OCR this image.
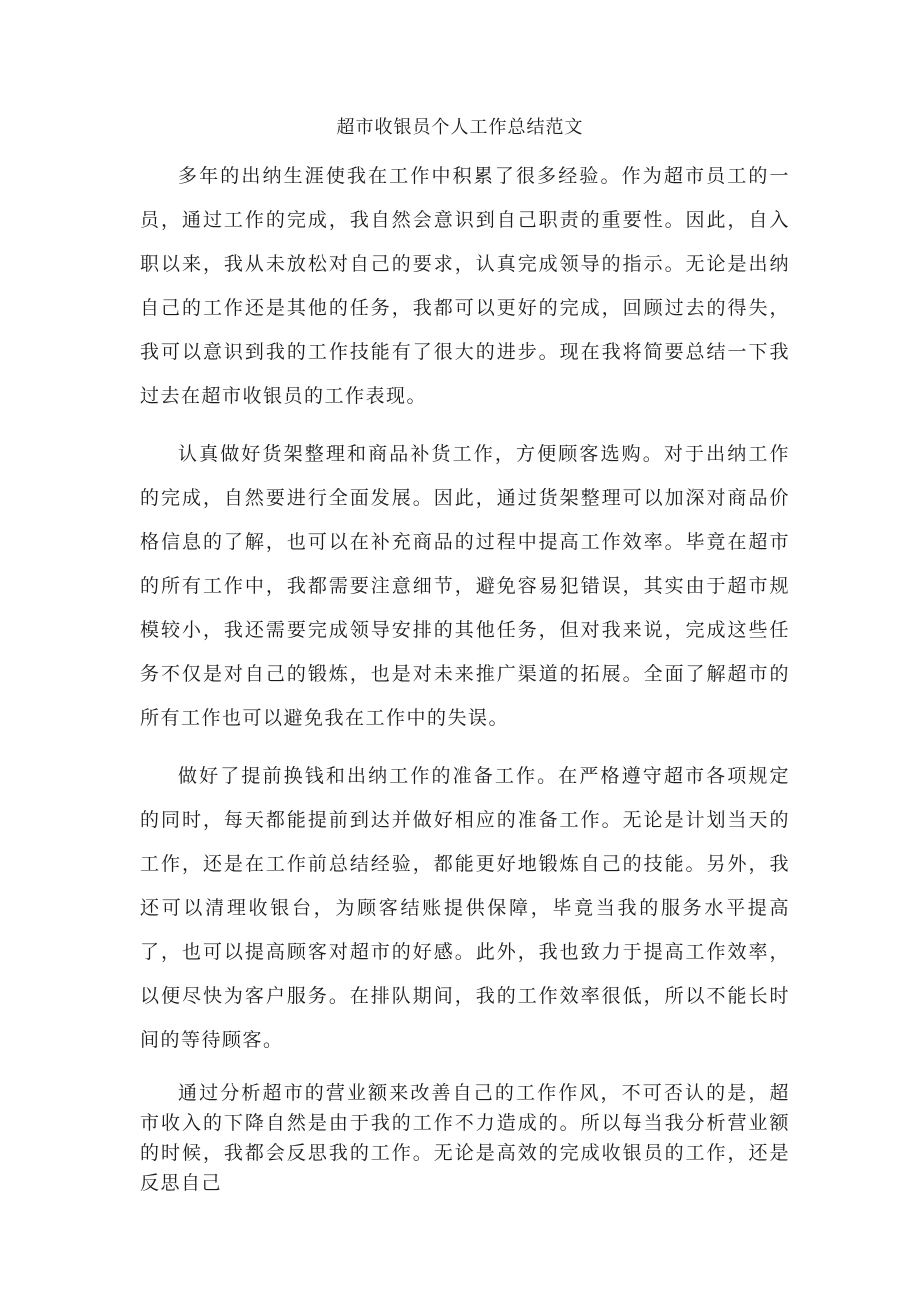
超市收银员个人工作总结范文

多年的出纳生涯使我在工作中积累了很多经验。作为超市员工的一员，通过工作的完成，我自然会意识到自己职责的重要性。因此，自入职以来，我从未放松对自己的要求，认真完成领导的指示。无论是出纳自己的工作还是其他的任务，我都可以更好的完成，回顾过去的得失，我可以意识到我的工作技能有了很大的进步。现在我将简要总结一下我过去在超市收银员的工作表现。

认真做好货架整理和商品补货工作，方便顾客选购。对于出纳工作的完成，自然要进行全面发展。因此，通过货架整理可以加深对商品价格信息的了解，也可以在补充商品的过程中提高工作效率。毕竟在超市的所有工作中，我都需要注意细节，避免容易犯错误，其实由于超市规模较小，我还需要完成领导安排的其他任务，但对我来说，完成这些任务不仅是对自己的锻炼，也是对未来推广渠道的拓展。全面了解超市的所有工作也可以避免我在工作中的失误。

做好了提前换钱和出纳工作的准备工作。在严格遵守超市各项规定的同时，每天都能提前到达并做好相应的准备工作。无论是计划当天的工作，还是在工作前总结经验，都能更好地锻炼自己的技能。另外，我还可以清理收银台，为顾客结账提供保障，毕竟当我的服务水平提高了，也可以提高顾客对超市的好感。此外，我也致力于提高工作效率，以便尽快为客户服务。在排队期间，我的工作效率很低，所以不能长时间的等待顾客。

通过分析超市的营业额来改善自己的工作作风，不可否认的是，超市收入的下降自然是由于我的工作不力造成的。所以每当我分析营业额的时候，我都会反思我的工作。无论是高效的完成收银员的工作，还是反思自己
